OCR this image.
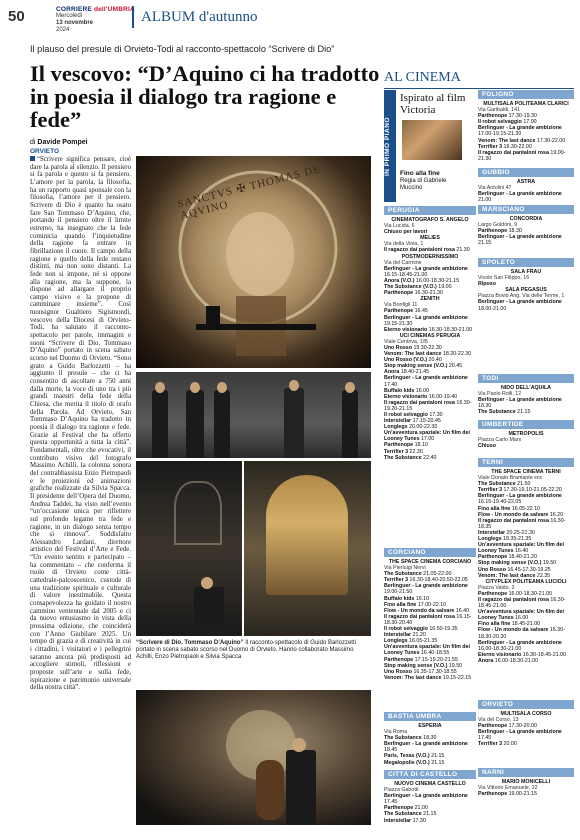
50	CORRIERE dell'UMBRIA
Mercoledì
13 novembre
2024
ALBUM d'autunno
Il plauso del presule di Orvieto-Todi al racconto-spettacolo “Scrivere di Dio”
Il vescovo: “D’Aquino ci ha tradotto in poesia il dialogo tra ragione e fede”
di Davide Pompei
ORVIETO

“Scrivere significa pensare, cioè dare la parola al silenzio. Il pensiero si fa parola e questo si fa pensiero. L’amore per la parola, la filosofia, ha un rapporto quasi sponsale con la filosofia, l’amore per il pensiero. Scrivere di Dio è quanto ha osato fare San Tommaso D’Aquino, che, portando il pensiero oltre il limite estremo, ha insegnato che la fede cominicia quando l’inquietudine della ragione fa entrare in fibrillazione il cuore. Il campo della ragione e quello della fede restano distinti, ma non sono distanti. La fede non si impone, né si oppone alla ragione, ma la suppone, la dispone ad allargare il proprio campo visivo e la propone di camminare insieme”. Così monsignor Gualtiero Sigismondi, vescovo della Diocesi di Orvieto-Todi, ha salutato il racconto-spettacolo per parole, immagini e suoni “Scrivere di Dio. Tommaso D’Aquino” portato in scena sabato scorso nel Duomo di Orvieto. “Sono grato a Guido Barlozzetti – ha aggiunto il presule – che ci ha consentito di ascoltare a 750 anni dalla morte, la voce di uno tra i più grandi maestri della fede della Chiesa, che merita il titolo di orafo della Parola. Ad Orvieto, San Tommaso D’Aquino ha tradotto in poesia il dialogo tra ragione e fede. Grazie al Festival che ha offerto questa opportunità a tutta la città”. Fondamentali, oltre che evocativi, il contributo visivo del fotografo Massimo Achilli, la colonna sonora del contrabbassista Enzo Pietropaoli e le proiezioni ed animazioni grafiche realizzate da Silvia Spacca. Il presidente dell’Opera del Duomo, Andrea Taddei, ha visto nell’evento “un’occasione unica per riflettere sul profondo legame tra fede e ragione, in un dialogo senza tempo che si rinnova”. Soddisfatto Alessandro Lardani, direttore artistico del Festival d’Arte e Fede. “Un evento sentito e partecipato – ha commentato – che conferma il ruolo di Orvieto come città-cattedrale-palcoscenico, custode di una tradizione spirituale e culturale di valore inestimabile. Questa consapevolezza ha guidato il nostro cammino ventennale dal 2005 e ci da nuovo entusiasmo in vista della prossima edizione, che coinciderà con l’Anno Giubilare 2025. Un tempo di grazia e di creatività in cui i cittadini, i visitatori e i pellegrini saranno ancora più predisposti ad accogliere stimoli, riflessioni e proposte sull’arte e sulla fede, ispirazione e patrimonio universale della nostra città”.

SANCTVS ✠ THOMAS DE AQVINO
“Scrivere di Dio. Tommaso D’Aquino” Il racconto-spettacolo di Guido Barlozzetti portato in scena sabato scorso nel Duomo di Orvieto. Hanno collaborato Massimo Achilli, Enzo Pietropaoli e Silvia Spacca
AL CINEMA
IN PRIMO PIANO
Ispirato al film Victoria
Fino alla fine
Regia di Gabriele Muccino
PERUGIA
CINEMATOGRAFO S. ANGELO
Via Lucida, 6
Chiuso per lavori
MELIES
Via della Viola, 1
Il ragazzo dai pantaloni rosa 21.30
POSTMODERNISSIMO
Via del Carmine
Berlinguer - La grande ambizione 16.15-18.45-21.00
Anora (V.O.) 16.00-18.30-21.15
The Substance (V.O.) 19.00
Parthenope 16.30-21.30
ZENITH
Via Bonfigli 11
Parthenope 16.45
Berlinguer - La grande ambizione 19.15-21.30
Eterno visionario 16.30-18.30-21.00
UCI CINEMAS PERUGIA
Viale Centova, 1/B
Uno Rosso 19.30-22.30
Venom: The last dance 18.20-22.30
Uno Rosso (V.O.) 20.40
Stop making sense (V.O.) 20.45
Anora 18.40-21.45
Berlinguer - La grande ambizione 17.40
Buffalo kids 16.00
Eterno visionario 16.00-19.40
Il ragazzo dai pantaloni rosa 16.30-19.20-21.15
Il robot selvaggio 17.30
Interstellar 17.15-20.45
Longlegs 20.00-22.30
Un’avventura spaziale: Un film dei Looney Tunes 17.00
Parthenope 18.10
Terrifier 3 22.30
The Substance 22.40
CORCIANO
THE SPACE CINEMA CORCIANO
Via Pierluigi Nervi
The Substance 21.05-22.00
Terrifier 3 16.30-18.40-20.50-22.05
Berlinguer - La grande ambizione 19.00-21.50
Buffalo kids 16.10
Fino alla fine 17.00-22.10
Flow - Un mondo da salvare 16.40
Il ragazzo dai pantaloni rosa 16.15-18.30-20.40
Il robot selvaggio 16.50-19.35
Interstellar 21.20
Longlegs 16.05-21.35
Un’avventura spaziale: Un film dei Looney Tunes 16.40-18.55
Parthenope 17.15-19.20-21.55
Stop making sense (V.O.) 19.50
Uno Rosso 16.35-17.30-18.55
Venom: The last dance 19.15-22.15
BASTIA UMBRA
ESPERIA
Via Roma
The Substance 18.30
Berlinguer - La grande ambizione 18.45
Paris, Texas (V.O.) 21.15
Megalopolis (V.O.) 21.15
CITTÀ DI CASTELLO
NUOVO CINEMA CASTELLO
Piazza Gabotti
Berlinguer - La grande ambizione 17.45
Parthenope 21.00
The Substance 21.15
Interstellar 17.30
FOLIGNO
MULTISALA POLITEAMA CLARICI
Via Garibaldi, 141
Parthenope 17.30-19.30
Il robot selvaggio 17.00
Berlinguer - La grande ambizione 17.00-19.15-21.30
Venom: The last dance 17.30-22.00
Terrifier 3 19.30-22.00
Il ragazzo dai pantaloni rosa 19.00-21.30
GUBBIO
ASTRA
Via Antolini 47
Berlinguer - La grande ambizione 21.00
MARSCIANO
CONCORDIA
Largo Goldoni, 9
Parthenope 18.30
Berlinguer - La grande ambizione 21.15
SPOLETO
SALA FRAU
Vicolo San Filippo, 16
Riposo
SALA PEGASUS
Piazza Bovio Ang. Via delle Terme, 1
Berlinguer - La grande ambizione 18.00-21.00
TODI
NIDO DELL’AQUILA
Via Paolo Rolli, 12
Berlinguer - La grande ambizione 18.30
The Substance 21.15
UMBERTIDE
METROPOLIS
Piazza Carlo Marx
Chiuso
TERNI
THE SPACE CINEMA TERNI
Viale Donato Bramante snc
The Substance 21.50
Terrifier 3 17.30-19.10-21.05-22.20
Berlinguer - La grande ambizione 16.15-19.40-22.05
Fino alla fine 16.05-22.10
Flow - Un mondo da salvare 16.20
Il ragazzo dai pantaloni rosa 16.30-18.35
Interstellar 20.25-21.30
Longlegs 18.35-21.35
Un’avventura spaziale: Un film dei Looney Tunes 16.40
Parthenope 18.40-21.20
Stop making sense (V.O.) 19.50
Uno Rosso 16.45-17.30-19.25
Venom: The last dance 22.35
CITYPLEX POLITEAMA LUCIOLI
Piazza Valdo, 3
Parthenope 16.00-18.30-21.00
Il ragazzo dai pantaloni rosa 16.30-18.45-21.00
Un’avventura spaziale: Un film dei Looney Tunes 16.00
Fino alla fine 18.45-21.00
Flow - Un mondo da salvare 16.30-18.30-20.30
Berlinguer - La grande ambizione 16.00-18.30-21.00
Eterno visionario 16.30-18.45-21.00
Anora 16.00-18.30-21.00
ORVIETO
MULTISALA CORSO
Via del Corso, 13
Parthenope 17.30-20.00
Berlinguer - La grande ambizione 17.45
Terrifier 3 20.00
NARNI
MARIO MONICELLI
Via Vittorio Emanuele, 22
Parthenope 19.00-21.15
